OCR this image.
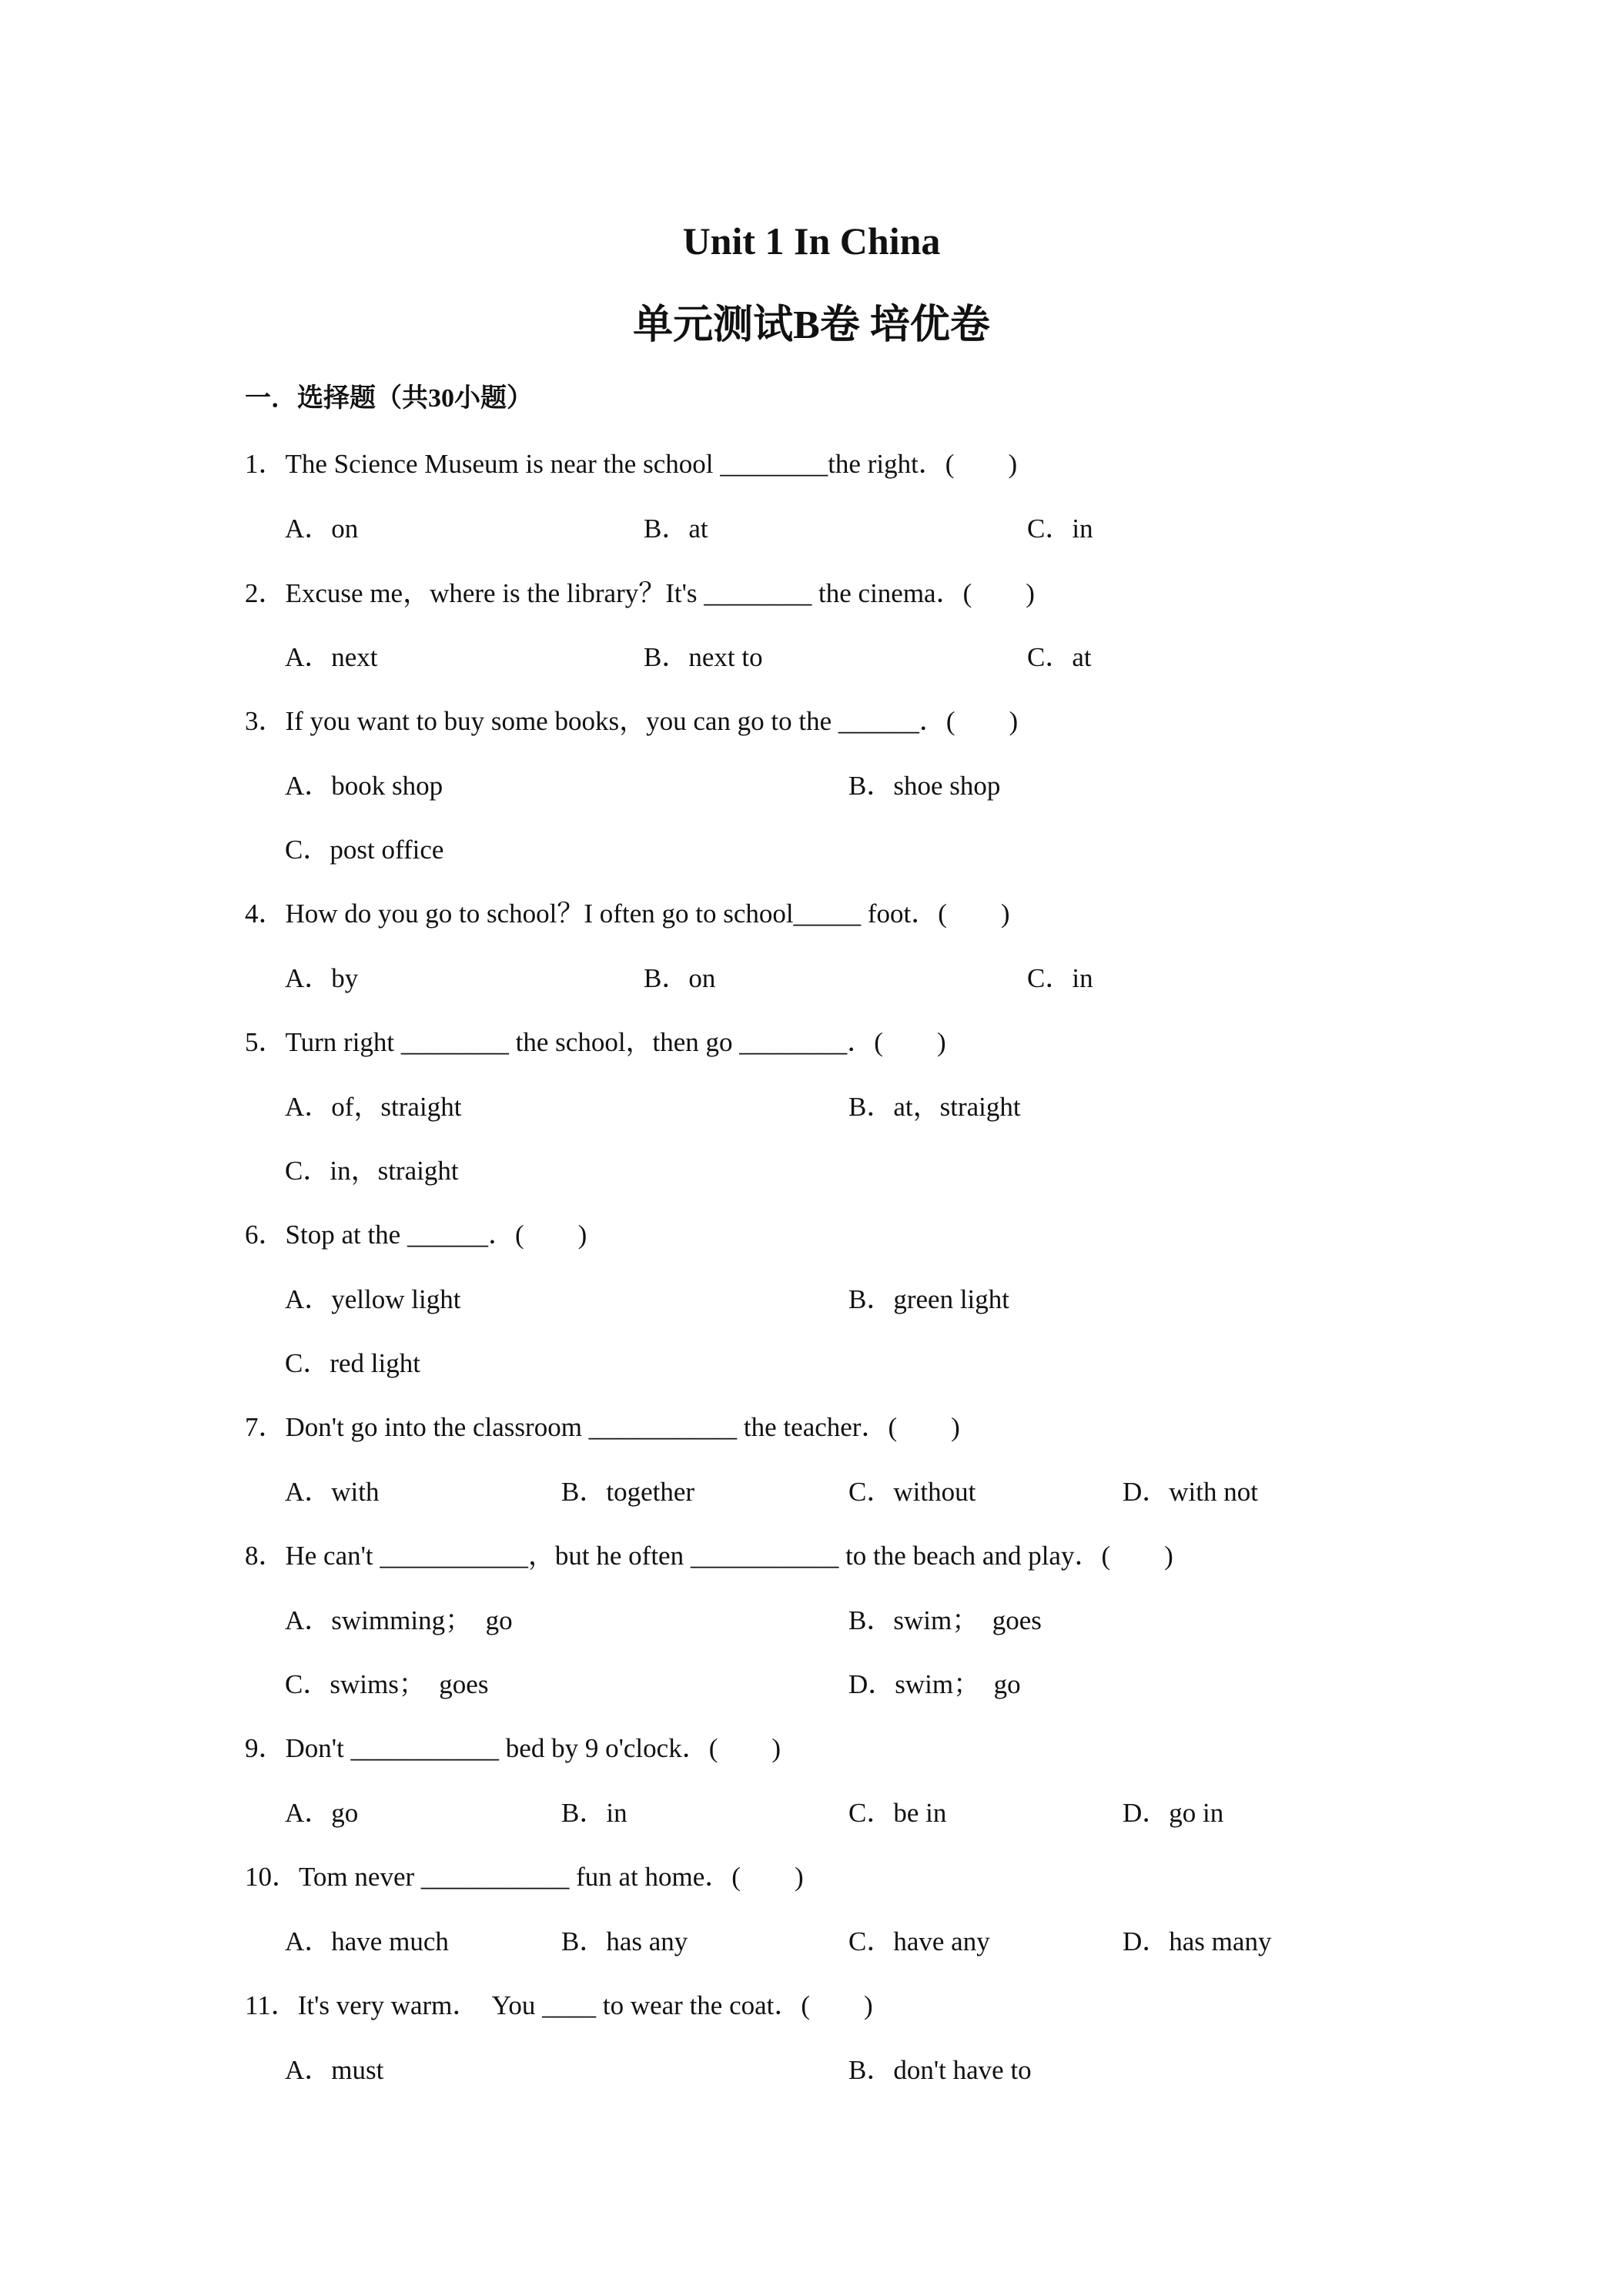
Unit 1 In China
单元测试B卷 培优卷
一．选择题（共30小题）
1．The Science Museum is near the school ________the right．(        )
A．on	B．at	C．in
2．Excuse me，where is the library？It's ________ the cinema．(        )
A．next	B．next to	C．at
3．If you want to buy some books，you can go to the ______．(        )
A．book shop	B．shoe shop
C．post office
4．How do you go to school？I often go to school_____ foot．(        )
A．by	B．on	C．in
5．Turn right ________ the school，then go ________．(        )
A．of，straight	B．at，straight
C．in，straight
6．Stop at the ______．(        )
A．yellow light	B．green light
C．red light
7．Don't go into the classroom ___________ the teacher．(        )
A．with	B．together	C．without	D．with not
8．He can't ___________，but he often ___________ to the beach and play．(        )
A．swimming；  go	B．swim；  goes
C．swims；  goes	D．swim；  go
9．Don't ___________ bed by 9 o'clock．(        )
A．go	B．in	C．be in	D．go in
10．Tom never ___________ fun at home．(        )
A．have much	B．has any	C．have any	D．has many
11．It's very warm．  You ____ to wear the coat．(        )
A．must	B．don't have to
